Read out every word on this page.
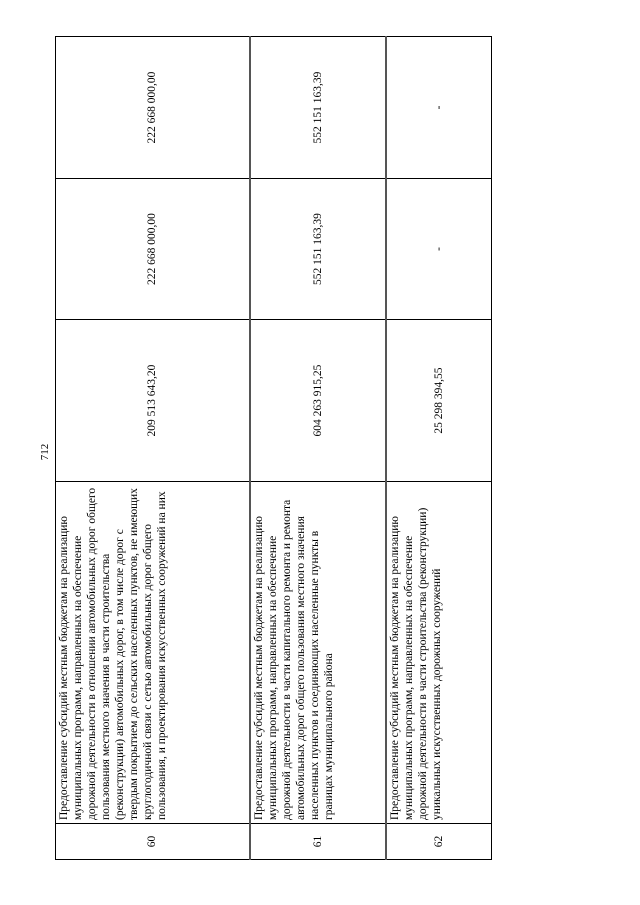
712
60	Предоставление субсидий местным бюджетам на реализацию муниципальных программ, направленных на обеспечение дорожной деятельности в отношении автомобильных дорог общего пользования местного значения в части строительства (реконструкции) автомобильных дорог, в том числе дорог с твердым покрытием до сельских населенных пунктов, не имеющих круглогодичной связи с сетью автомобильных дорог общего пользования, и проектирования искусственных сооружений на них	209 513 643,20	222 668 000,00	222 668 000,00
61	Предоставление субсидий местным бюджетам на реализацию муниципальных программ, направленных на обеспечение дорожной деятельности в части капитального ремонта и ремонта автомобильных дорог общего пользования местного значения населенных пунктов и соединяющих населенные пункты в границах муниципального района	604 263 915,25	552 151 163,39	552 151 163,39
62	Предоставление субсидий местным бюджетам на реализацию муниципальных программ, направленных на обеспечение дорожной деятельности в части строительства (реконструкции) уникальных искусственных дорожных сооружений	25 298 394,55	-	-
